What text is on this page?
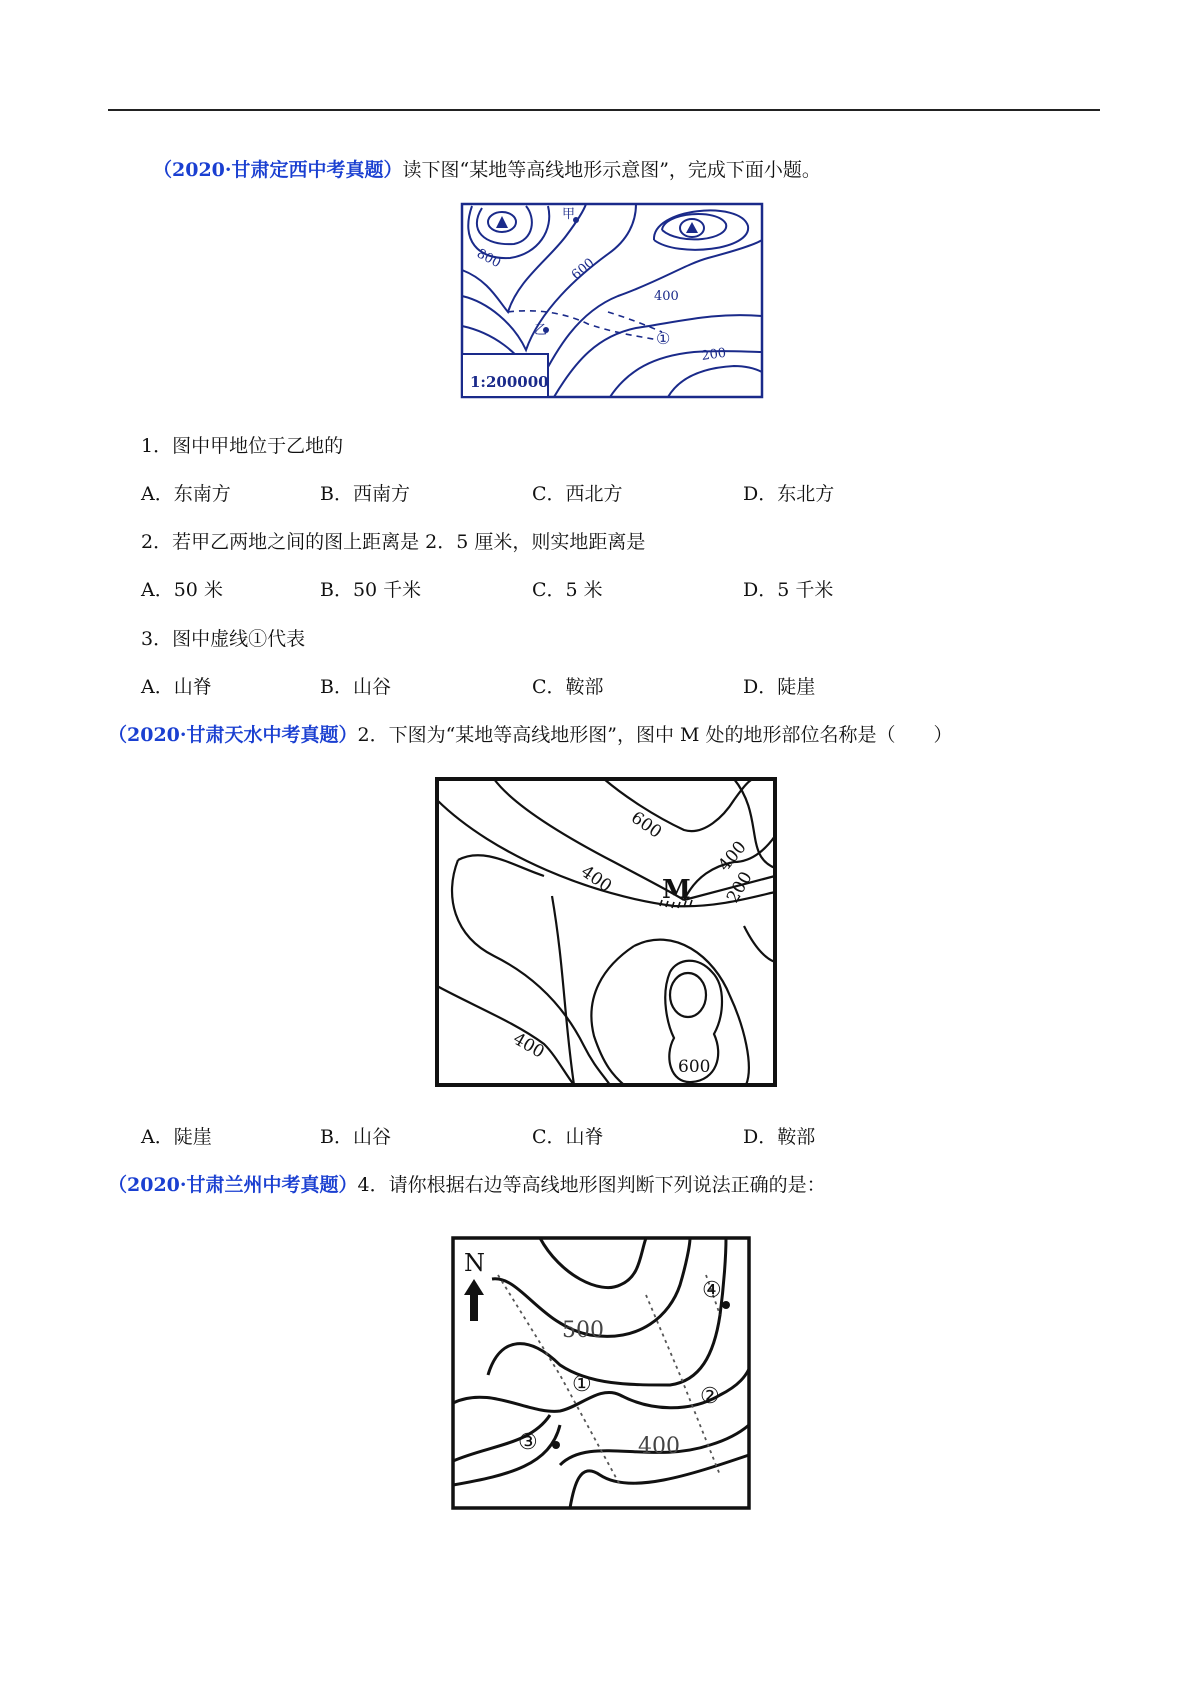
（2020·甘肃定西中考真题）读下图“某地等高线地形示意图”，完成下面小题。
甲
乙	①
800	600
400
200
1:200000
1．图中甲地位于乙地的
A．东南方	B．西南方	C．西北方	D．东北方
2．若甲乙两地之间的图上距离是 2．5 厘米，则实地距离是
A．50 米	B．50 千米	C．5 米	D．5 千米
3．图中虚线①代表
A．山脊	B．山谷	C．鞍部	D．陡崖
（2020·甘肃天水中考真题）2．下图为“某地等高线地形图”，图中 M 处的地形部位名称是（　　）
M
600
400
400
200
400
600
A．陡崖	B．山谷	C．山脊	D．鞍部
（2020·甘肃兰州中考真题）4．请你根据右边等高线地形图判断下列说法正确的是：
N
500
400
①	②
③
④
